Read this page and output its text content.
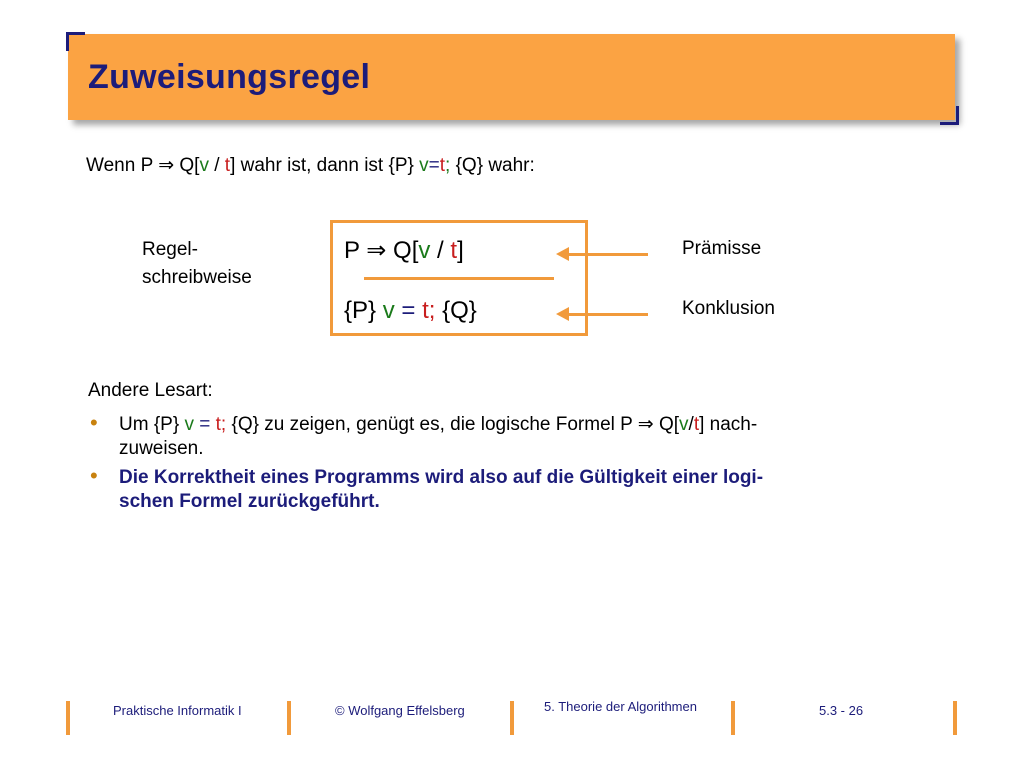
Zuweisungsregel
Wenn P ⇒ Q[v / t] wahr ist, dann ist {P} v=t; {Q} wahr:
Regel-
schreibweise
P ⇒ Q[v / t]
{P} v = t; {Q}
Prämisse
Konklusion
Andere Lesart:
• Um {P} v = t; {Q} zu zeigen, genügt es, die logische Formel P ⇒ Q[v/t] nach-
zuweisen.
• Die Korrektheit eines Programms wird also auf die Gültigkeit einer logi-
schen Formel zurückgeführt.
Praktische Informatik I	© Wolfgang Effelsberg	5. Theorie der Algorithmen	5.3 - 26
